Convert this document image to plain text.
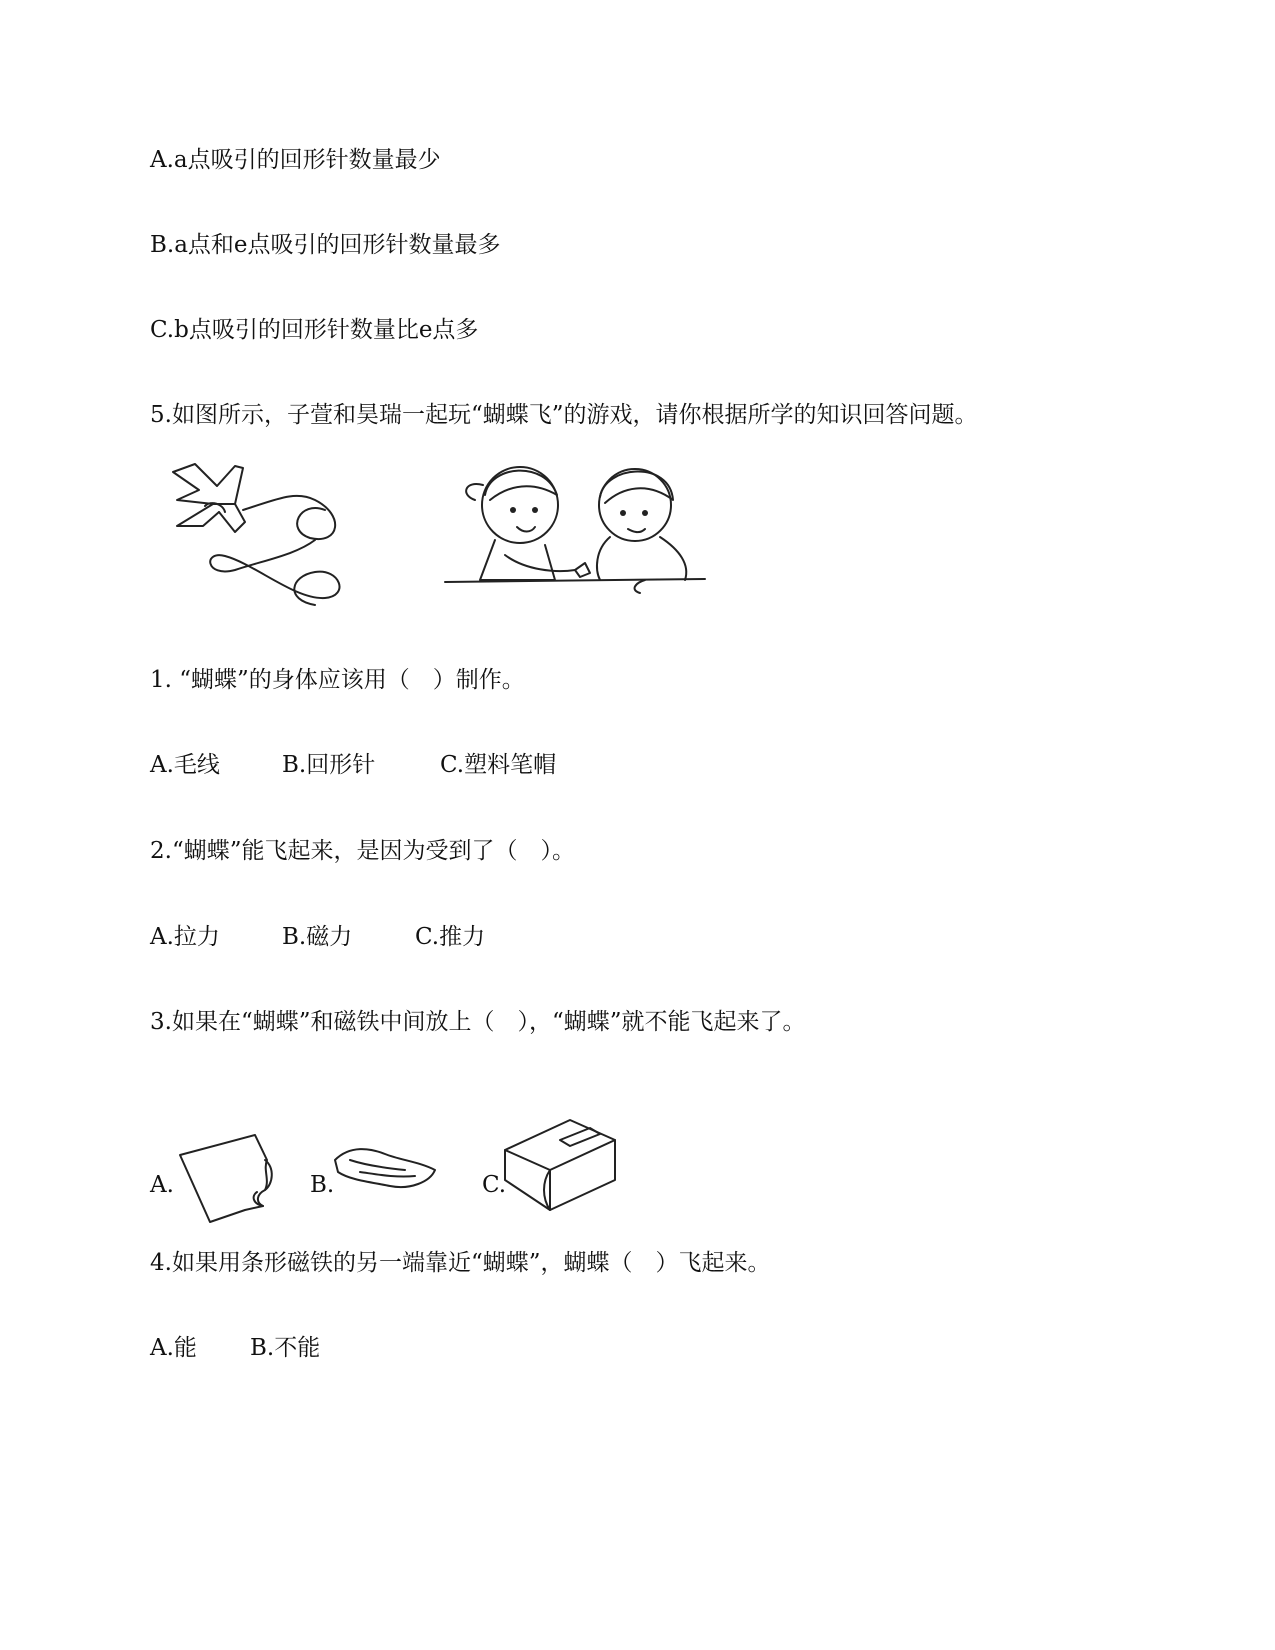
A.a点吸引的回形针数量最少
B.a点和e点吸引的回形针数量最多
C.b点吸引的回形针数量比e点多
5.如图所示，子萱和昊瑞一起玩“蝴蝶飞”的游戏，请你根据所学的知识回答问题。
1. “蝴蝶”的身体应该用（　）制作。
A.毛线	B.回形针	C.塑料笔帽
2.“蝴蝶”能飞起来，是因为受到了（　）。
A.拉力	B.磁力	C.推力
3.如果在“蝴蝶”和磁铁中间放上（　），“蝴蝶”就不能飞起来了。
A.	B.	C.
4.如果用条形磁铁的另一端靠近“蝴蝶”，蝴蝶（　）飞起来。
A.能 B.不能
